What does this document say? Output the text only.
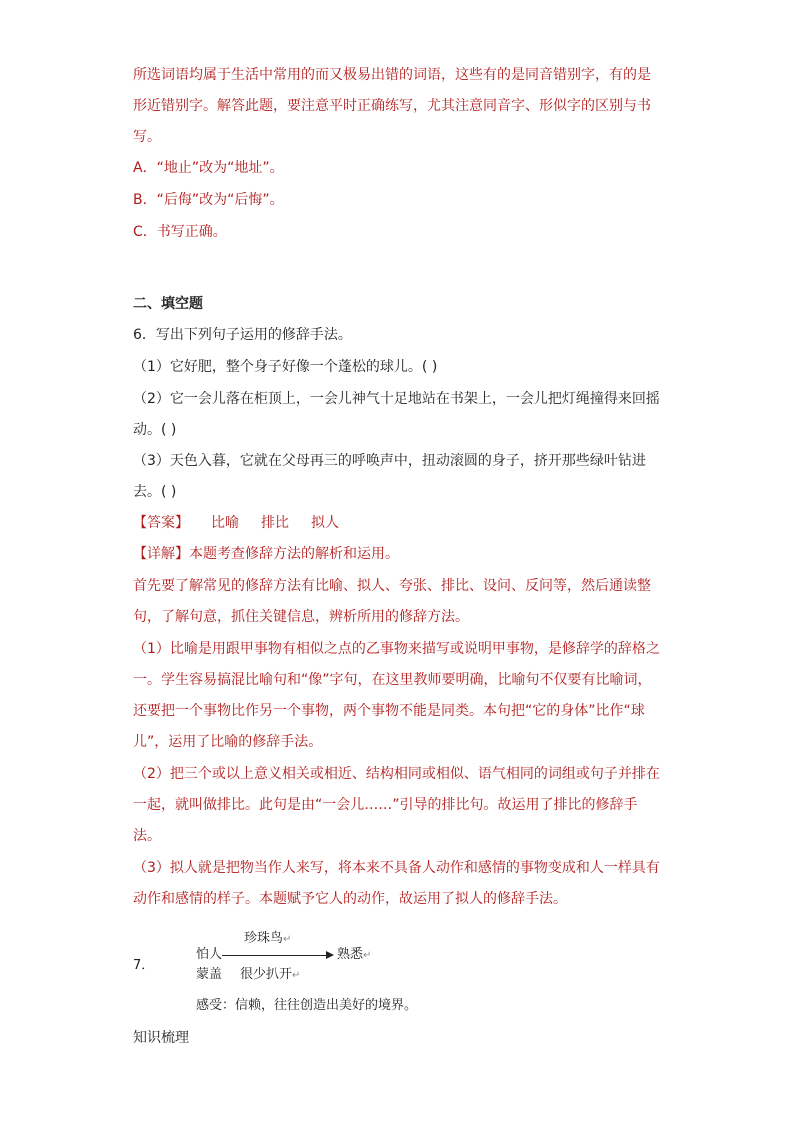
所选词语均属于生活中常用的而又极易出错的词语，这些有的是同音错别字，有的是
形近错别字。解答此题，要注意平时正确练写，尤其注意同音字、形似字的区别与书
写。
A．“地止”改为“地址”。
B．“后侮”改为“后悔”。
C．书写正确。
二、填空题
6．写出下列句子运用的修辞手法。
（1）它好肥，整个身子好像一个蓬松的球儿。( )
（2）它一会儿落在柜顶上，一会儿神气十足地站在书架上，一会儿把灯绳撞得来回摇
动。( )
（3）天色入暮，它就在父母再三的呼唤声中，扭动滚圆的身子，挤开那些绿叶钻进
去。( )
【答案】 比喻 排比 拟人
【详解】本题考查修辞方法的解析和运用。
首先要了解常见的修辞方法有比喻、拟人、夸张、排比、设问、反问等，然后通读整
句，了解句意，抓住关键信息，辨析所用的修辞方法。
（1）比喻是用跟甲事物有相似之点的乙事物来描写或说明甲事物，是修辞学的辞格之
一。学生容易搞混比喻句和“像”字句，在这里教师要明确，比喻句不仅要有比喻词，
还要把一个事物比作另一个事物，两个事物不能是同类。本句把“它的身体”比作“球
儿”，运用了比喻的修辞手法。
（2）把三个或以上意义相关或相近、结构相同或相似、语气相同的词组或句子并排在
一起，就叫做排比。此句是由“一会儿……”引导的排比句。故运用了排比的修辞手
法。
（3）拟人就是把物当作人来写，将本来不具备人动作和感情的事物变成和人一样具有
动作和感情的样子。本题赋予它人的动作，故运用了拟人的修辞手法。
7．
珍珠鸟↵
怕人	熟悉↵
蒙盖 很少扒开↵
感受：信赖，往往创造出美好的境界。
知识梳理
